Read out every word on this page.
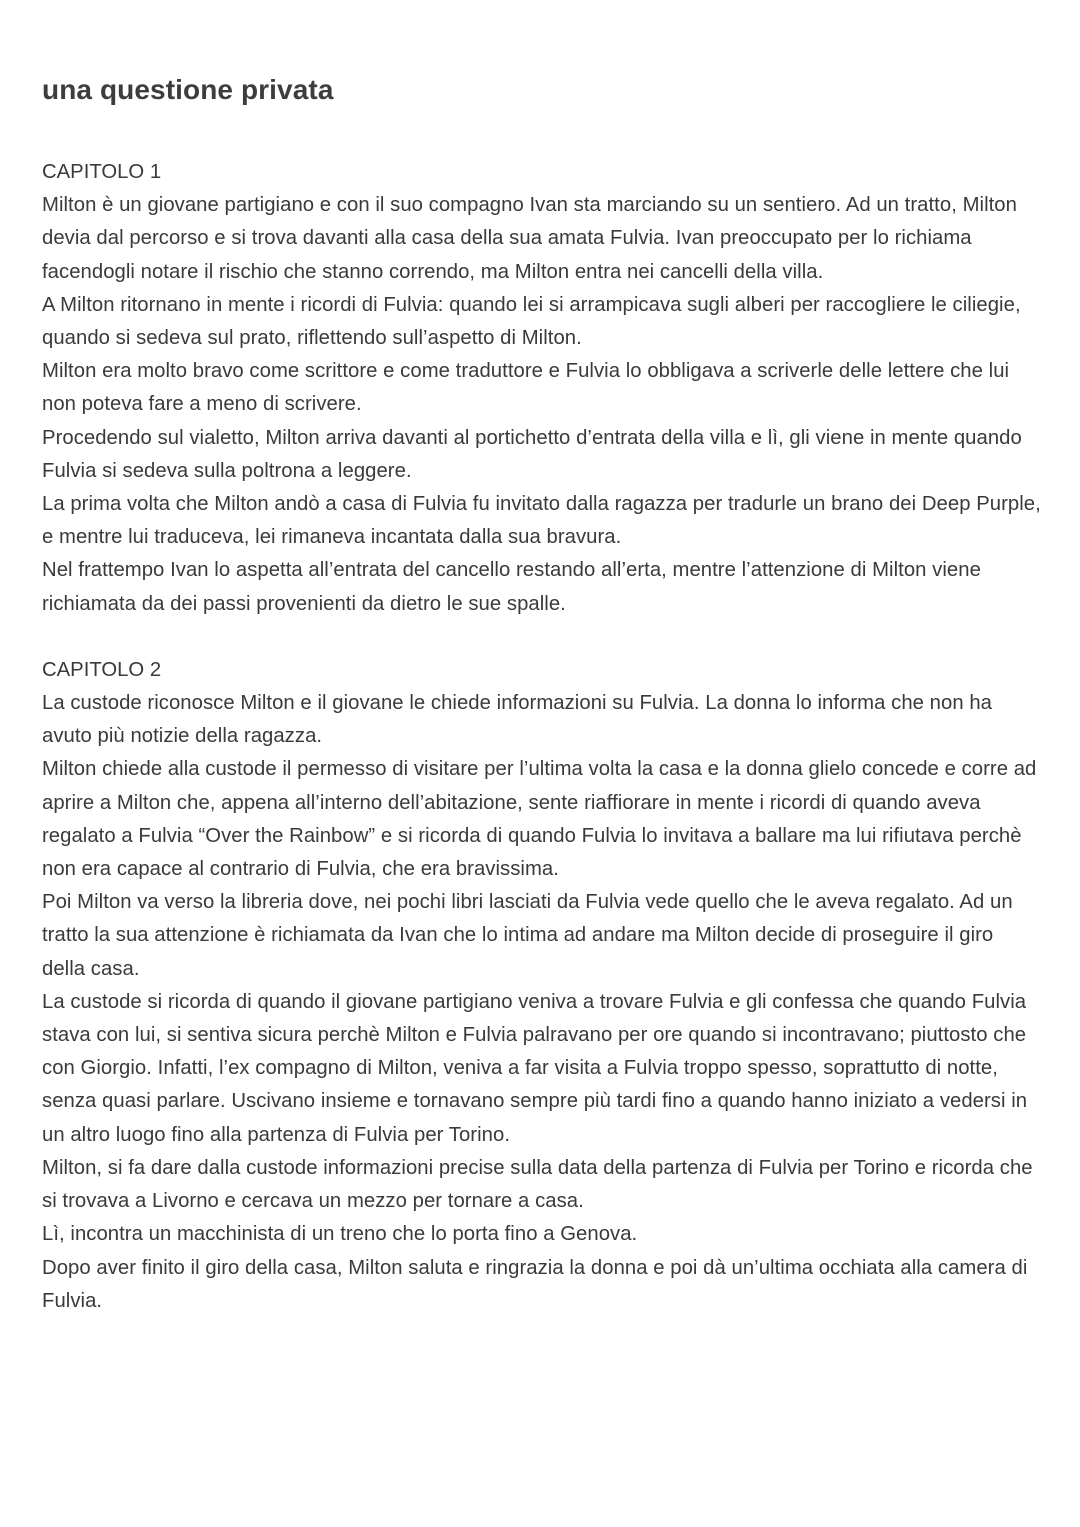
una questione privata

CAPITOLO 1

Milton è un giovane partigiano e con il suo compagno Ivan sta marciando su un sentiero. Ad un tratto, Milton devia dal percorso e si trova davanti alla casa della sua amata Fulvia. Ivan preoccupato per lo richiama facendogli notare il rischio che stanno correndo, ma Milton entra nei cancelli della villa.

A Milton ritornano in mente i ricordi di Fulvia: quando lei si arrampicava sugli alberi per raccogliere le ciliegie, quando si sedeva sul prato, riflettendo sull’aspetto di Milton.

Milton era molto bravo come scrittore e come traduttore e Fulvia lo obbligava a scriverle delle lettere che lui non poteva fare a meno di scrivere.

Procedendo sul vialetto, Milton arriva davanti al portichetto d’entrata della villa e lì, gli viene in mente quando Fulvia si sedeva sulla poltrona a leggere.

La prima volta che Milton andò a casa di Fulvia fu invitato dalla ragazza per tradurle un brano dei Deep Purple, e mentre lui traduceva, lei rimaneva incantata dalla sua bravura.

Nel frattempo Ivan lo aspetta all’entrata del cancello restando all’erta, mentre l’attenzione di Milton viene richiamata da dei passi provenienti da dietro le sue spalle.

CAPITOLO 2

La custode riconosce Milton e il giovane le chiede informazioni su Fulvia. La donna lo informa che non ha avuto più notizie della ragazza.

Milton chiede alla custode il permesso di visitare per l’ultima volta la casa e la donna glielo concede e corre ad aprire a Milton che, appena all’interno dell’abitazione, sente riaffiorare in mente i ricordi di quando aveva regalato a Fulvia “Over the Rainbow” e si ricorda di quando Fulvia lo invitava a ballare ma lui rifiutava perchè non era capace al contrario di Fulvia, che era bravissima.

Poi Milton va verso la libreria dove, nei pochi libri lasciati da Fulvia vede quello che le aveva regalato. Ad un tratto la sua attenzione è richiamata da Ivan che lo intima ad andare ma Milton decide di proseguire il giro della casa.

La custode si ricorda di quando il giovane partigiano veniva a trovare Fulvia e gli confessa che quando Fulvia stava con lui, si sentiva sicura perchè Milton e Fulvia palravano per ore quando si incontravano; piuttosto che con Giorgio. Infatti, l’ex compagno di Milton, veniva a far visita a Fulvia troppo spesso, soprattutto di notte, senza quasi parlare. Uscivano insieme e tornavano sempre più tardi fino a quando hanno iniziato a vedersi in un altro luogo fino alla partenza di Fulvia per Torino.

Milton, si fa dare dalla custode informazioni precise sulla data della partenza di Fulvia per Torino e ricorda che si trovava a Livorno e cercava un mezzo per tornare a casa.

Lì, incontra un macchinista di un treno che lo porta fino a Genova.

Dopo aver finito il giro della casa, Milton saluta e ringrazia la donna e poi dà un’ultima occhiata alla camera di Fulvia.
